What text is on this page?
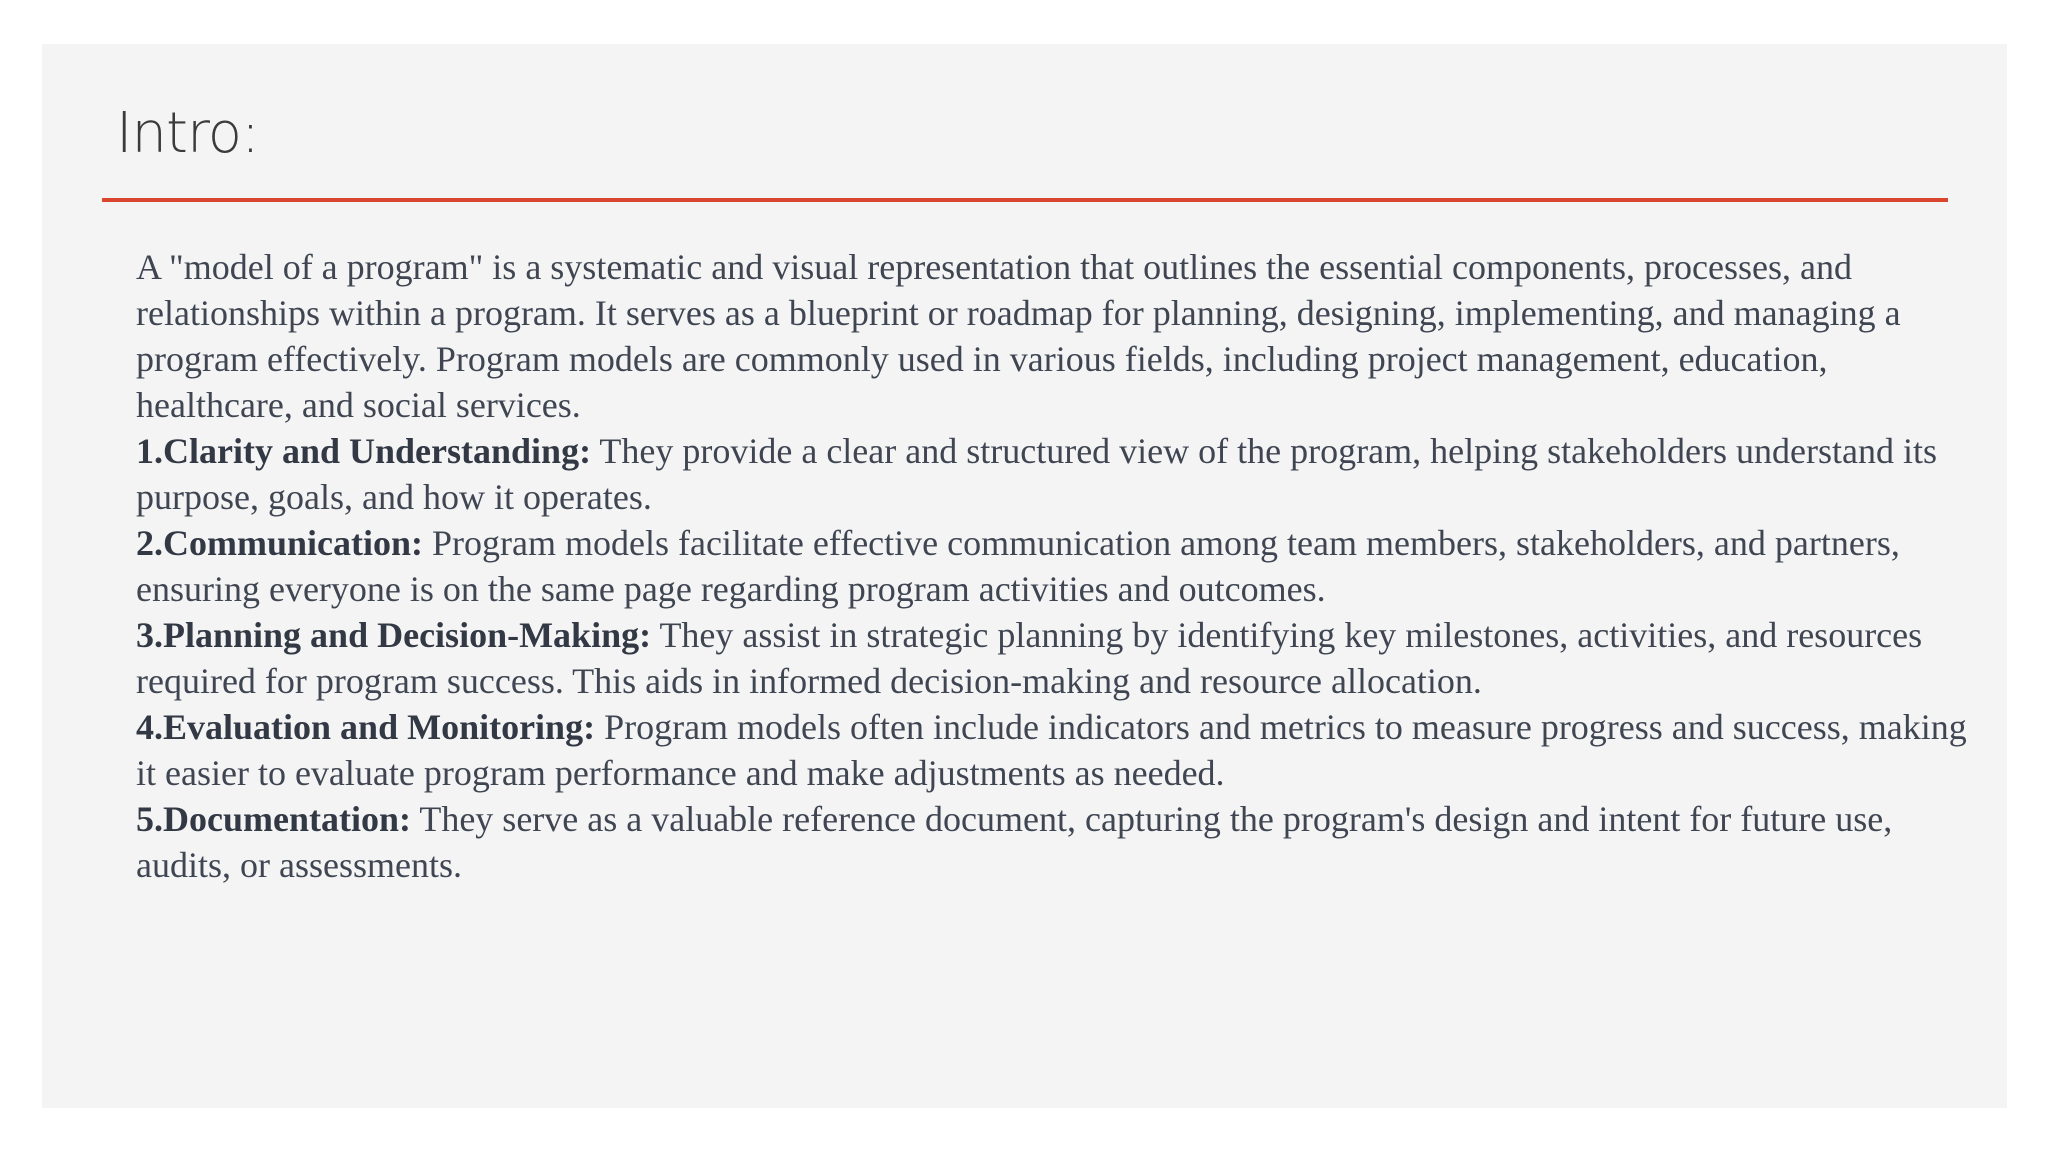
Intro:

A "model of a program" is a systematic and visual representation that outlines the essential components, processes, and relationships within a program. It serves as a blueprint or roadmap for planning, designing, implementing, and managing a program effectively. Program models are commonly used in various fields, including project management, education, healthcare, and social services.

1.Clarity and Understanding: They provide a clear and structured view of the program, helping stakeholders understand its purpose, goals, and how it operates.

2.Communication: Program models facilitate effective communication among team members, stakeholders, and partners, ensuring everyone is on the same page regarding program activities and outcomes.

3.Planning and Decision-Making: They assist in strategic planning by identifying key milestones, activities, and resources required for program success. This aids in informed decision-making and resource allocation.

4.Evaluation and Monitoring: Program models often include indicators and metrics to measure progress and success, making it easier to evaluate program performance and make adjustments as needed.

5.Documentation: They serve as a valuable reference document, capturing the program's design and intent for future use, audits, or assessments.
